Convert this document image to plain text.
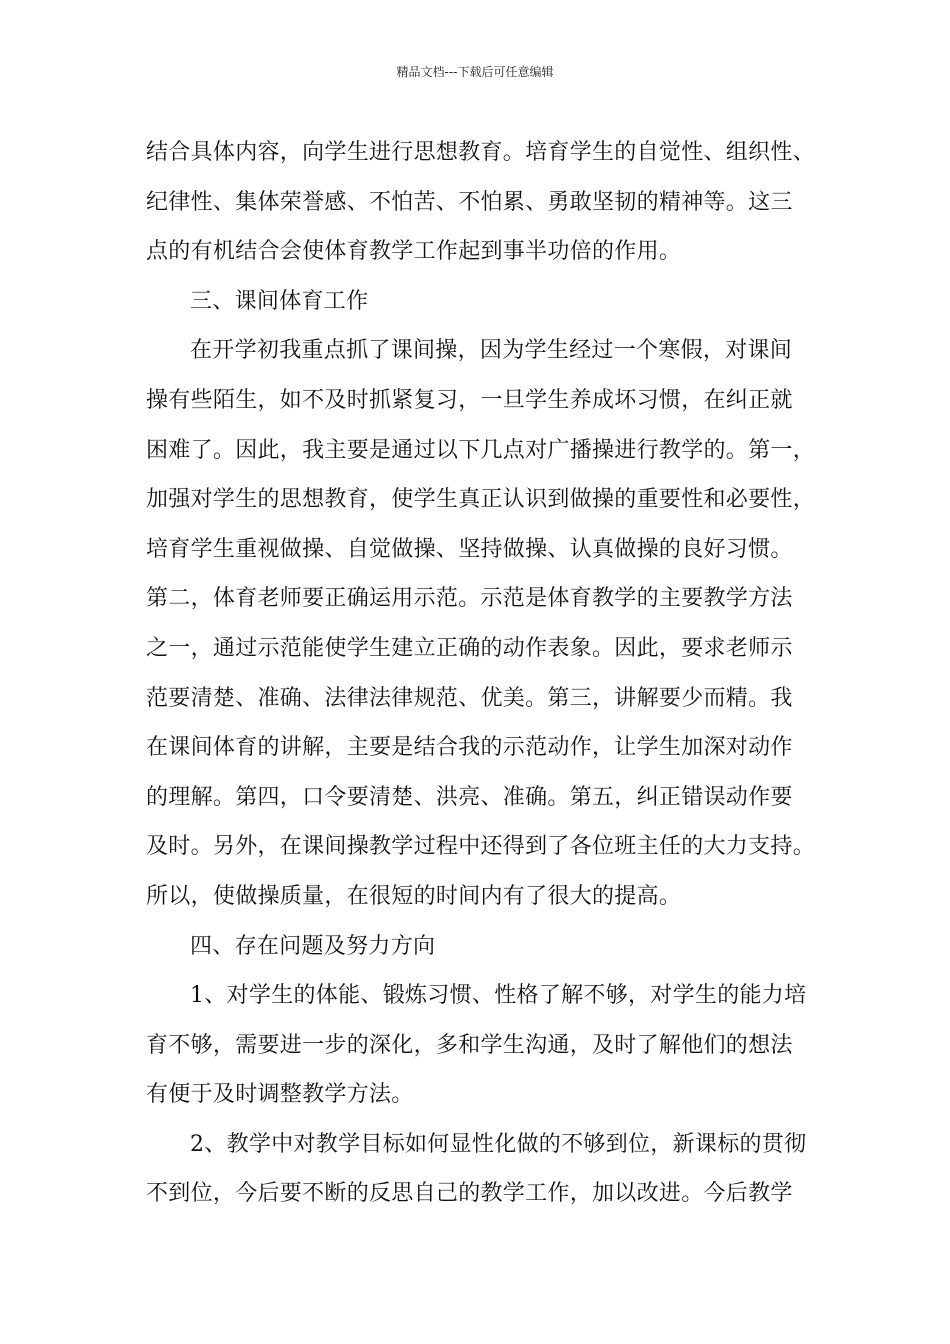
精品文档---下载后可任意编辑
结合具体内容，向学生进行思想教育。培育学生的自觉性、组织性、
纪律性、集体荣誉感、不怕苦、不怕累、勇敢坚韧的精神等。这三
点的有机结合会使体育教学工作起到事半功倍的作用。
三、课间体育工作
在开学初我重点抓了课间操，因为学生经过一个寒假，对课间
操有些陌生，如不及时抓紧复习，一旦学生养成坏习惯，在纠正就
困难了。因此，我主要是通过以下几点对广播操进行教学的。第一，
加强对学生的思想教育，使学生真正认识到做操的重要性和必要性，
培育学生重视做操、自觉做操、坚持做操、认真做操的良好习惯。
第二，体育老师要正确运用示范。示范是体育教学的主要教学方法
之一，通过示范能使学生建立正确的动作表象。因此，要求老师示
范要清楚、准确、法律法律规范、优美。第三，讲解要少而精。我
在课间体育的讲解，主要是结合我的示范动作，让学生加深对动作
的理解。第四，口令要清楚、洪亮、准确。第五，纠正错误动作要
及时。另外，在课间操教学过程中还得到了各位班主任的大力支持。
所以，使做操质量，在很短的时间内有了很大的提高。
四、存在问题及努力方向
1、对学生的体能、锻炼习惯、性格了解不够，对学生的能力培
育不够，需要进一步的深化，多和学生沟通，及时了解他们的想法
有便于及时调整教学方法。
2、教学中对教学目标如何显性化做的不够到位，新课标的贯彻
不到位，今后要不断的反思自己的教学工作，加以改进。今后教学
